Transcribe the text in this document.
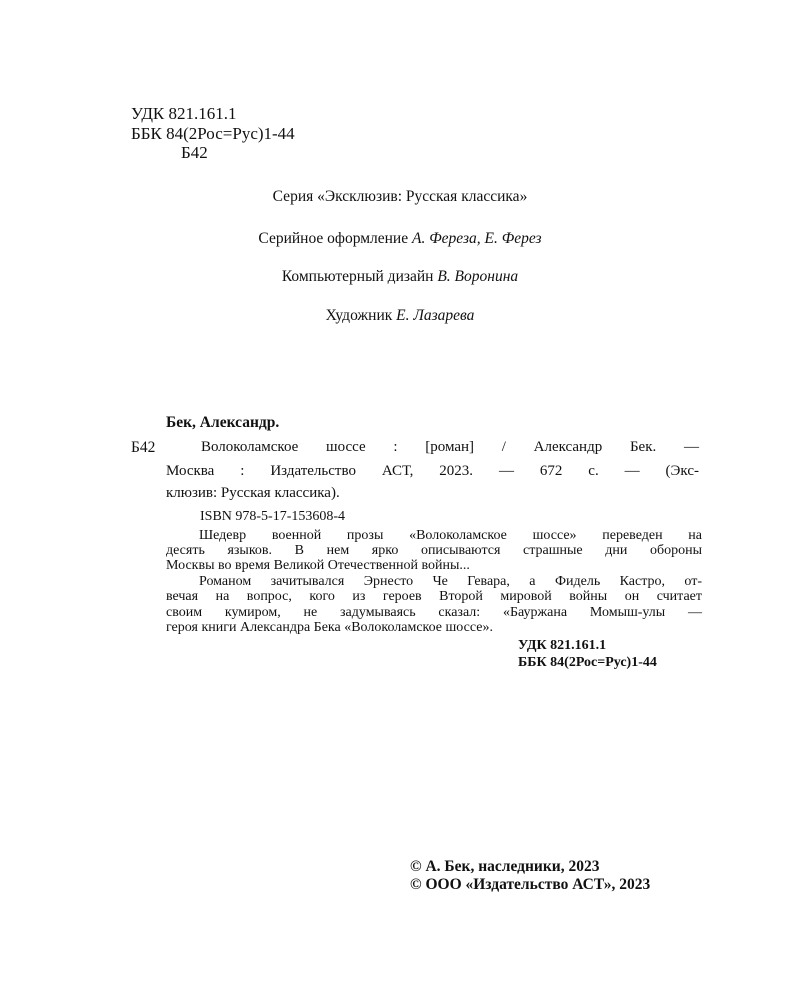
УДК 821.161.1
ББК 84(2Рос=Рус)1-44
Б42
Серия «Эксклюзив: Русская классика»
Серийное оформление А. Фереза, Е. Ферез
Компьютерный дизайн В. Воронина
Художник Е. Лазарева
Бек, Александр.
Б42	Волоколамское шоссе : [роман] / Александр Бек. —
Москва : Издательство АСТ, 2023. — 672 с. — (Экс-
клюзив: Русская классика).
ISBN 978-5-17-153608-4
Шедевр военной прозы «Волоколамское шоссе» переведен на
десять языков. В нем ярко описываются страшные дни обороны
Москвы во время Великой Отечественной войны...
Романом зачитывался Эрнесто Че Гевара, а Фидель Кастро, от-
вечая на вопрос, кого из героев Второй мировой войны он считает
своим кумиром, не задумываясь сказал: «Бауржана Момыш-улы —
героя книги Александра Бека «Волоколамское шоссе».
УДК 821.161.1
ББК 84(2Рос=Рус)1-44
© А. Бек, наследники, 2023
© ООО «Издательство АСТ», 2023
